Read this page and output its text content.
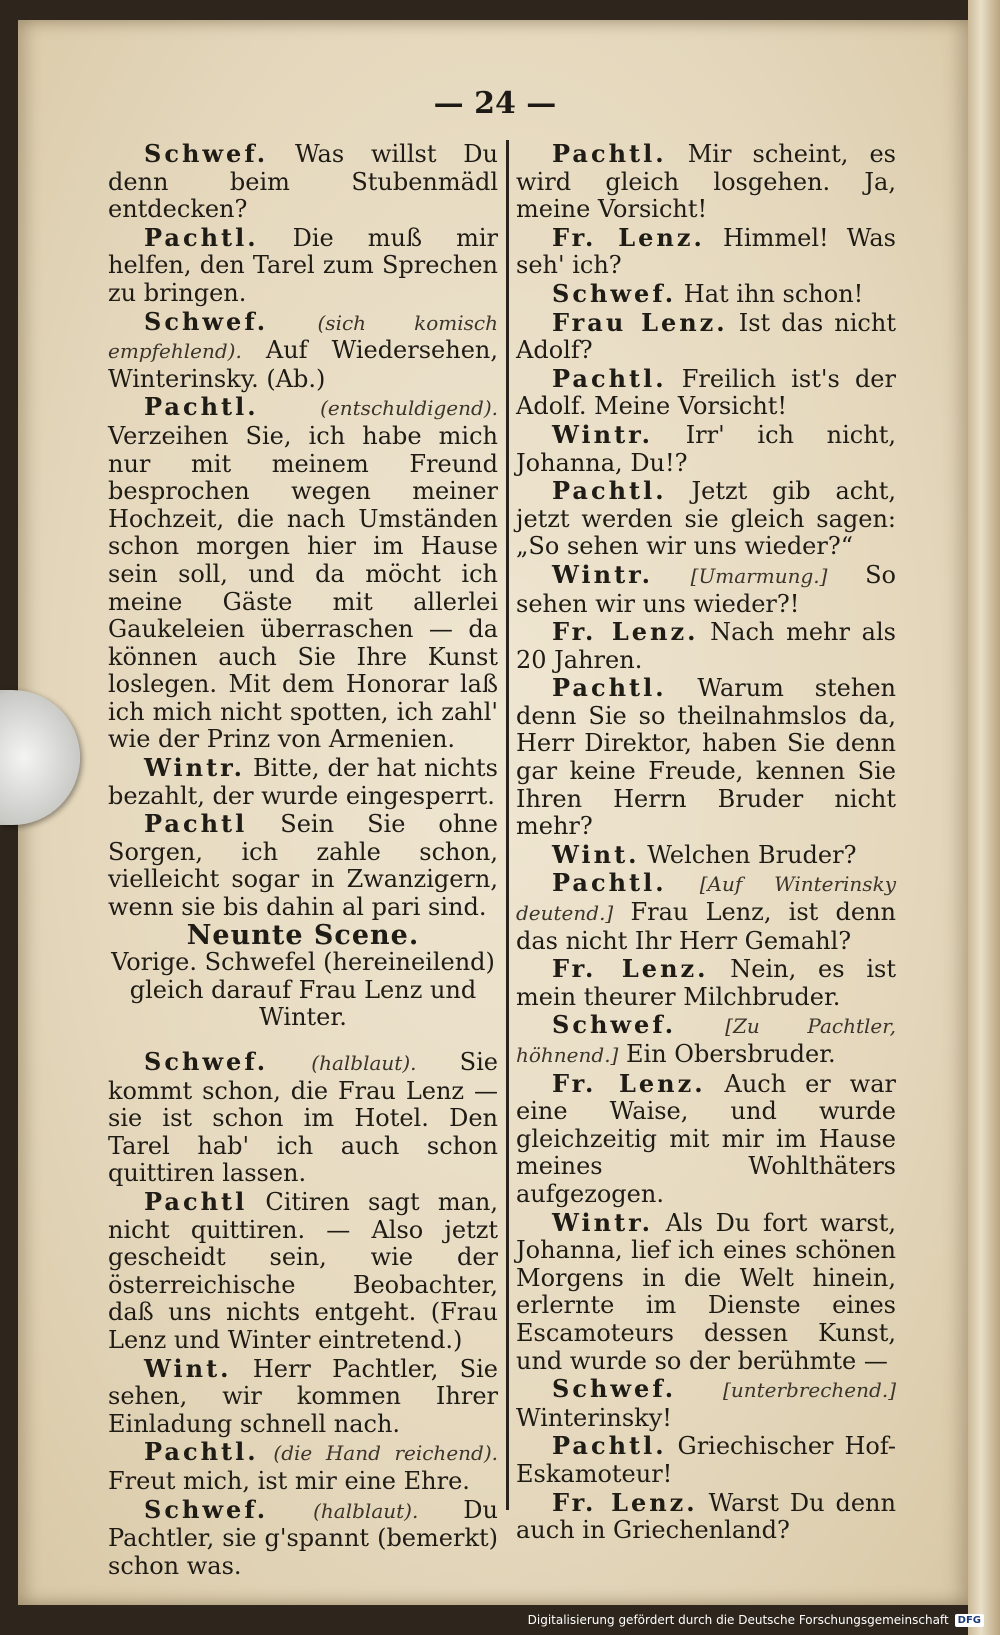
— 24 —

Schwef. Was willst Du denn beim Stubenmädl entdecken?

Pachtl. Die muß mir helfen, den Tarel zum Sprechen zu bringen.

Schwef. (sich komisch empfehlend). Auf Wiedersehen, Winterinsky. (Ab.)

Pachtl.	(entschuldigend). Verzeihen Sie, ich habe mich nur mit meinem Freund besprochen wegen meiner Hochzeit, die nach Umständen schon morgen hier im Hause sein soll, und da möcht ich meine Gäste mit allerlei Gaukeleien überraschen — da können auch Sie Ihre Kunst loslegen. Mit dem Honorar laß ich mich nicht spotten, ich zahl' wie der Prinz von Armenien.

Wintr. Bitte, der hat nichts bezahlt, der wurde eingesperrt.

Pachtl Sein Sie ohne Sorgen, ich zahle schon, vielleicht sogar in Zwanzigern, wenn sie bis dahin al pari sind.

Neunte Scene.

Vorige. Schwefel (hereineilend) gleich darauf Frau Lenz und
Winter.

Schwef. (halblaut). Sie kommt schon, die Frau Lenz — sie ist schon im Hotel. Den Tarel hab' ich auch schon quittiren lassen.

Pachtl Citiren sagt man, nicht quittiren. — Also jetzt gescheidt sein, wie der österreichische Beobachter, daß uns nichts entgeht. (Frau Lenz und Winter eintretend.)

Wint. Herr Pachtler, Sie sehen, wir kommen Ihrer Einladung schnell nach.

Pachtl. (die Hand reichend). Freut mich, ist mir eine Ehre.

Schwef. (halblaut). Du Pachtler, sie g'spannt (bemerkt) schon was.

Pachtl. Mir scheint, es wird gleich losgehen. Ja, meine Vorsicht!

Fr. Lenz. Himmel! Was seh' ich?

Schwef. Hat ihn schon!

Frau Lenz. Ist das nicht Adolf?

Pachtl. Freilich ist's der Adolf. Meine Vorsicht!

Wintr. Irr' ich nicht, Johanna, Du!?

Pachtl. Jetzt gib acht, jetzt werden sie gleich sagen: „So sehen wir uns wieder?“

Wintr. [Umarmung.] So sehen wir uns wieder?!

Fr. Lenz. Nach mehr als 20 Jahren.

Pachtl. Warum stehen denn Sie so theilnahmslos da, Herr Direktor, haben Sie denn gar keine Freude, kennen Sie Ihren Herrn Bruder nicht mehr?

Wint. Welchen Bruder?

Pachtl. [Auf Winterinsky deutend.] Frau Lenz, ist denn das nicht Ihr Herr Gemahl?

Fr. Lenz. Nein, es ist mein theurer Milchbruder.

Schwef. [Zu Pachtler, höhnend.] Ein Obersbruder.

Fr. Lenz. Auch er war eine Waise, und wurde gleichzeitig mit mir im Hause meines Wohlthäters aufgezogen.

Wintr. Als Du fort warst, Johanna, lief ich eines schönen Morgens in die Welt hinein, erlernte im Dienste eines Escamoteurs dessen Kunst, und wurde so der berühmte —

Schwef. [unterbrechend.] Winterinsky!

Pachtl. Griechischer Hof-Eskamoteur!

Fr. Lenz. Warst Du denn auch in Griechenland?

Digitalisierung gefördert durch die Deutsche Forschungsgemeinschaft DFG
